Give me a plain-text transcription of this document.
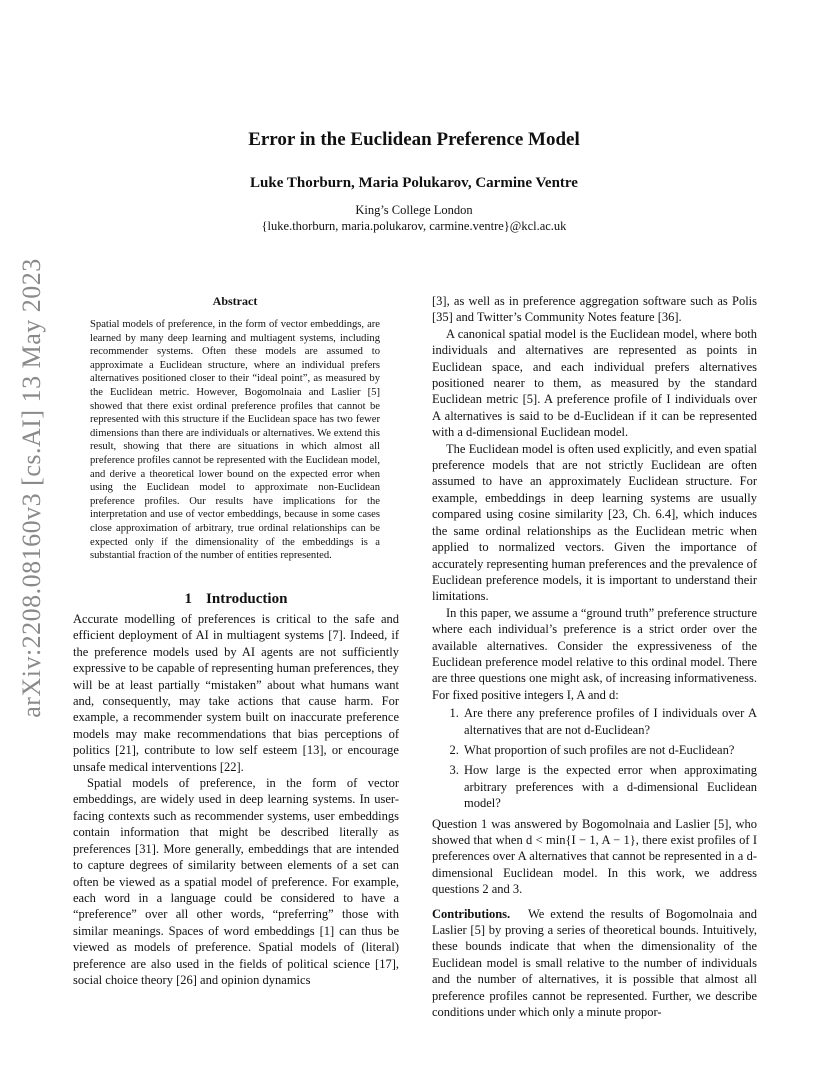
arXiv:2208.08160v3 [cs.AI] 13 May 2023
Error in the Euclidean Preference Model
Luke Thorburn, Maria Polukarov, Carmine Ventre
King’s College London
{luke.thorburn, maria.polukarov, carmine.ventre}@kcl.ac.uk
Abstract
Spatial models of preference, in the form of vector embeddings, are learned by many deep learning and multiagent systems, including recommender systems. Often these models are assumed to approximate a Euclidean structure, where an individual prefers alternatives positioned closer to their “ideal point”, as measured by the Euclidean metric. However, Bogomolnaia and Laslier [5] showed that there exist ordinal preference profiles that cannot be represented with this structure if the Euclidean space has two fewer dimensions than there are individuals or alternatives. We extend this result, showing that there are situations in which almost all preference profiles cannot be represented with the Euclidean model, and derive a theoretical lower bound on the expected error when using the Euclidean model to approximate non-Euclidean preference profiles. Our results have implications for the interpretation and use of vector embeddings, because in some cases close approximation of arbitrary, true ordinal relationships can be expected only if the dimensionality of the embeddings is a substantial fraction of the number of entities represented.
1 Introduction

Accurate modelling of preferences is critical to the safe and efficient deployment of AI in multiagent systems [7]. Indeed, if the preference models used by AI agents are not sufficiently expressive to be capable of representing human preferences, they will be at least partially “mistaken” about what humans want and, consequently, may take actions that cause harm. For example, a recommender system built on inaccurate preference models may make recommendations that bias perceptions of politics [21], contribute to low self esteem [13], or encourage unsafe medical interventions [22].

Spatial models of preference, in the form of vector embeddings, are widely used in deep learning systems. In user-facing contexts such as recommender systems, user embeddings contain information that might be described literally as preferences [31]. More generally, embeddings that are intended to capture degrees of similarity between elements of a set can often be viewed as a spatial model of preference. For example, each word in a language could be considered to have a “preference” over all other words, “preferring” those with similar meanings. Spaces of word embeddings [1] can thus be viewed as models of preference. Spatial models of (literal) preference are also used in the fields of political science [17], social choice theory [26] and opinion dynamics

[3], as well as in preference aggregation software such as Polis [35] and Twitter’s Community Notes feature [36].

A canonical spatial model is the Euclidean model, where both individuals and alternatives are represented as points in Euclidean space, and each individual prefers alternatives positioned nearer to them, as measured by the standard Euclidean metric [5]. A preference profile of I individuals over A alternatives is said to be d-Euclidean if it can be represented with a d-dimensional Euclidean model.

The Euclidean model is often used explicitly, and even spatial preference models that are not strictly Euclidean are often assumed to have an approximately Euclidean structure. For example, embeddings in deep learning systems are usually compared using cosine similarity [23, Ch. 6.4], which induces the same ordinal relationships as the Euclidean metric when applied to normalized vectors. Given the importance of accurately representing human preferences and the prevalence of Euclidean preference models, it is important to understand their limitations.

In this paper, we assume a “ground truth” preference structure where each individual’s preference is a strict order over the available alternatives. Consider the expressiveness of the Euclidean preference model relative to this ordinal model. There are three questions one might ask, of increasing informativeness. For fixed positive integers I, A and d:

1. Are there any preference profiles of I individuals over A alternatives that are not d-Euclidean?
2. What proportion of such profiles are not d-Euclidean?
3. How large is the expected error when approximating arbitrary preferences with a d-dimensional Euclidean model?

Question 1 was answered by Bogomolnaia and Laslier [5], who showed that when d < min{I − 1, A − 1}, there exist profiles of I preferences over A alternatives that cannot be represented in a d-dimensional Euclidean model. In this work, we address questions 2 and 3.

Contributions. We extend the results of Bogomolnaia and Laslier [5] by proving a series of theoretical bounds. Intuitively, these bounds indicate that when the dimensionality of the Euclidean model is small relative to the number of individuals and the number of alternatives, it is possible that almost all preference profiles cannot be represented. Further, we describe conditions under which only a minute propor-
